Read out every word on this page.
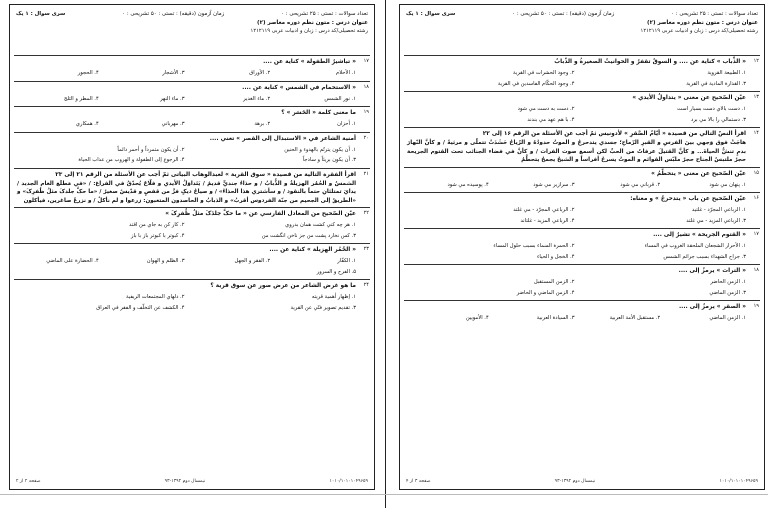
تعداد سوالات : تستی : ۲۵ تشریحی : ۰
زمان آزمون (دقیقه) : تستی : ۵۰ تشریحی : ۰
سری سوال : ۱ یک
عنوان درس : متون نظم دوره معاصر (۲)
رشته تحصیلی/کد درس : زبان و ادبیات عربی ۱۲۱۲۱۱۹
۱۷
« تباشیرُ الطفولة » کنایة عن ....
۱. الأحلام
۲. الأوراق
۳. الأشجار
۴. الحجور
۱۸
« الاستحمام في الشمس » کنایة عن ....
۱. نور الشمس
۲. ماء الغدیر
۳. ماء النهر
۴. المطر و الثلج
۱۹
ما معنی کلمة « الحَسَر » ؟
۱. أحزان
۲. برهة
۳. مهرباني
۴. همکاري
۲۰
أمنیة الشاعر في « الاستبدال إلى القصر » تعني ....
۱. أن یکون یترنّم بالهدوء و الحنین
۲. أن یکون متمرداً و أحمر دائماً
۳. أن یکون بریئاً و ساذجاً
۴. الرجوع إلى الطفولة و الهروب من عذاب الحیاة
۲۱
اقرأ الفقرة التالیة من قصیدة « سوق القریة » لعبدالوهاب البیاتی ثمّ أجب عن الأسئلة من الرقم ۲۱ إلی ۲۳
الشمسُ و الحُمُر الهزیلةُ و الذُّبابُ / و حذاءُ جنديٍّ قدیمٌ / یَتَداوَلُ الأیدي و فلّاحٌ یُحدّقُ في الفراغ: / «في مَطلَع العام الجدید / یدايَ تمتلئانِ حتماً بالنقود / و سأشتري هذا الحذاءُ» / و صیاحُ دیکٍ فرَّ من قفصٍ و قدّیسٌ صغیرٌ / «ما حکَّ جلدکَ مثلُ ظُفرِکَ» و «الطریقُ إلی الجحیم من جنّة الفردوس أقربُ» و الذبابُ و الحاصدون المتعبون: زرعوا و لم نأکلْ / و نزرعُ صاغرین، فیأکلون
۲۲
عیّن الصّحیح من المعادل الفارسي عن « ما حکَّ جلدَکَ مثلُ ظُفرِکَ »
۱. هر چه کني کشت همان بدروي
۲. کار کن به جاي من اقتد
۳. کس نخارد پشت من جز ناخن انگشت من
۴. کبوتر با کبوتر باز با باز
۲۳
« الحُمُر الهزیلة » کنایة عن ....
۱. الکفّار
۲. الفقر و الجهل
۳. الظلم و الهوان
۴. الحضارة علی الماضي
۵. الفرح و السرور
۲۴
ما هو غرض الشاعر من عرض صور عن سوق قریة ؟
۱. إظهار أهمیة قریته
۲. دلهاي المجتمعات الریفیة
۳. تقدیم تصویر فنّي عن القریة
۴. الکشف عن التخلّف و الفقر في العراق
صفحه ۲ از ۲	نیمسال دوم ۱۳۹۲-۹۳	۱۰۱۰/۱۰۱۰۱۰۴۹۶۵۹
تعداد سوالات : تستی : ۲۵ تشریحی : ۰
زمان آزمون (دقیقه) : تستی : ۵۰ تشریحی : ۰
سری سوال : ۱ یک
عنوان درس : متون نظم دوره معاصر (۲)
رشته تحصیلی/کد درس : زبان و ادبیات عربی ۱۲۱۲۱۱۹
۱۲
« الذِّباب » کنایة عن .... و السوقُ تقفرُ و الحوانیتُ الصغیرةُ و الذّبابُ
۱. الطبیعة القرویة
۲. وجود الحشرات في القریة
۳. القذارة المادیة في القریة
۴. وجود الحکّام الفاسدین في القریة
۱۳
عیّن الصّحیح عن معنی « یتداولُ الأیدي »
۱. دست بالاي دست بسیار است
۲. دست به دست مي شود
۳. دستمالي را بالا مي برد
۴. با هم عهد مي بندند
۱۴
اقرأ النصّ التالي من قصیدة « أیّامُ الصَّقرِ » لأدونیس ثمّ أجب عن الأسئلة من الرقم ۱۶ إلی ۲۲
هاجَتْ فوق وَجهي بینَ الفرسِ و القبرِ الرّماحِ؛ جسدي یتدحرجُ و الموتُ حدودُهُ و الرّیاحُ حَشَدَتْ تتملّی و مرثیةٌ / و کأنَّ النّهارَ بدمٍ تنشُّ الحیاةَ... و کأنَّ القتیلَ عرفاتٌ من الحبِّ لکن أسمع صوت الفرات / و کأنَّ في فضاء الجنائب تحت القتوم الجریحة حجرٌ ملتبسُ الجناح حجرٌ ملبّس القوائم و الموتُ یسرحُ أفراساً و الشبحُ یجمحُ یتحطَّمُ
۱۵
عیّن الصّحیح عن معنی « یتحطّمُ »
۱. پنهان مي شود
۲. قرباني مي شود
۳. سرازیر مي شود
۴. پوسیده مي شود
۱۶
عیّن الصّحیح عن باب « یتدحرجُ » و معناه:
۱. الرباعي المجرّد - غلتید
۲. الرباعي المجرّد - مي غلتد
۳. الرباعي المزید - مي غلتد
۴. الرباعي المزید - غلتاند
۱۷
« القتوم الجریحة » تشیرُ إلی ....
۱. الأحرار الشجعان الملحقة الغروب في المساء
۲. الحمرة السماء بسبب حلول المساء
۳. جراح الشهداء بسبب جرائم الشمس
۴. الخجل و الحیاء
۱۸
« التراث » یرمزُ إلی ....
۱. الزمن الحاضر
۲. الزمن المستقبل
۳. الزمن الماضي
۴. الزمن الماضي و الحاضر
۱۹
« الصقر » یرمزُ إلی ....
۱. الزمن الماضي
۲. مستقبل الأمة العربیة
۳. السیادة العربیة
۴. الأمویین
صفحه ۳ از ۴	نیمسال دوم ۱۳۹۲-۹۳	۱۰۱۰/۱۰۱۰۱۰۴۹۶۵۹
